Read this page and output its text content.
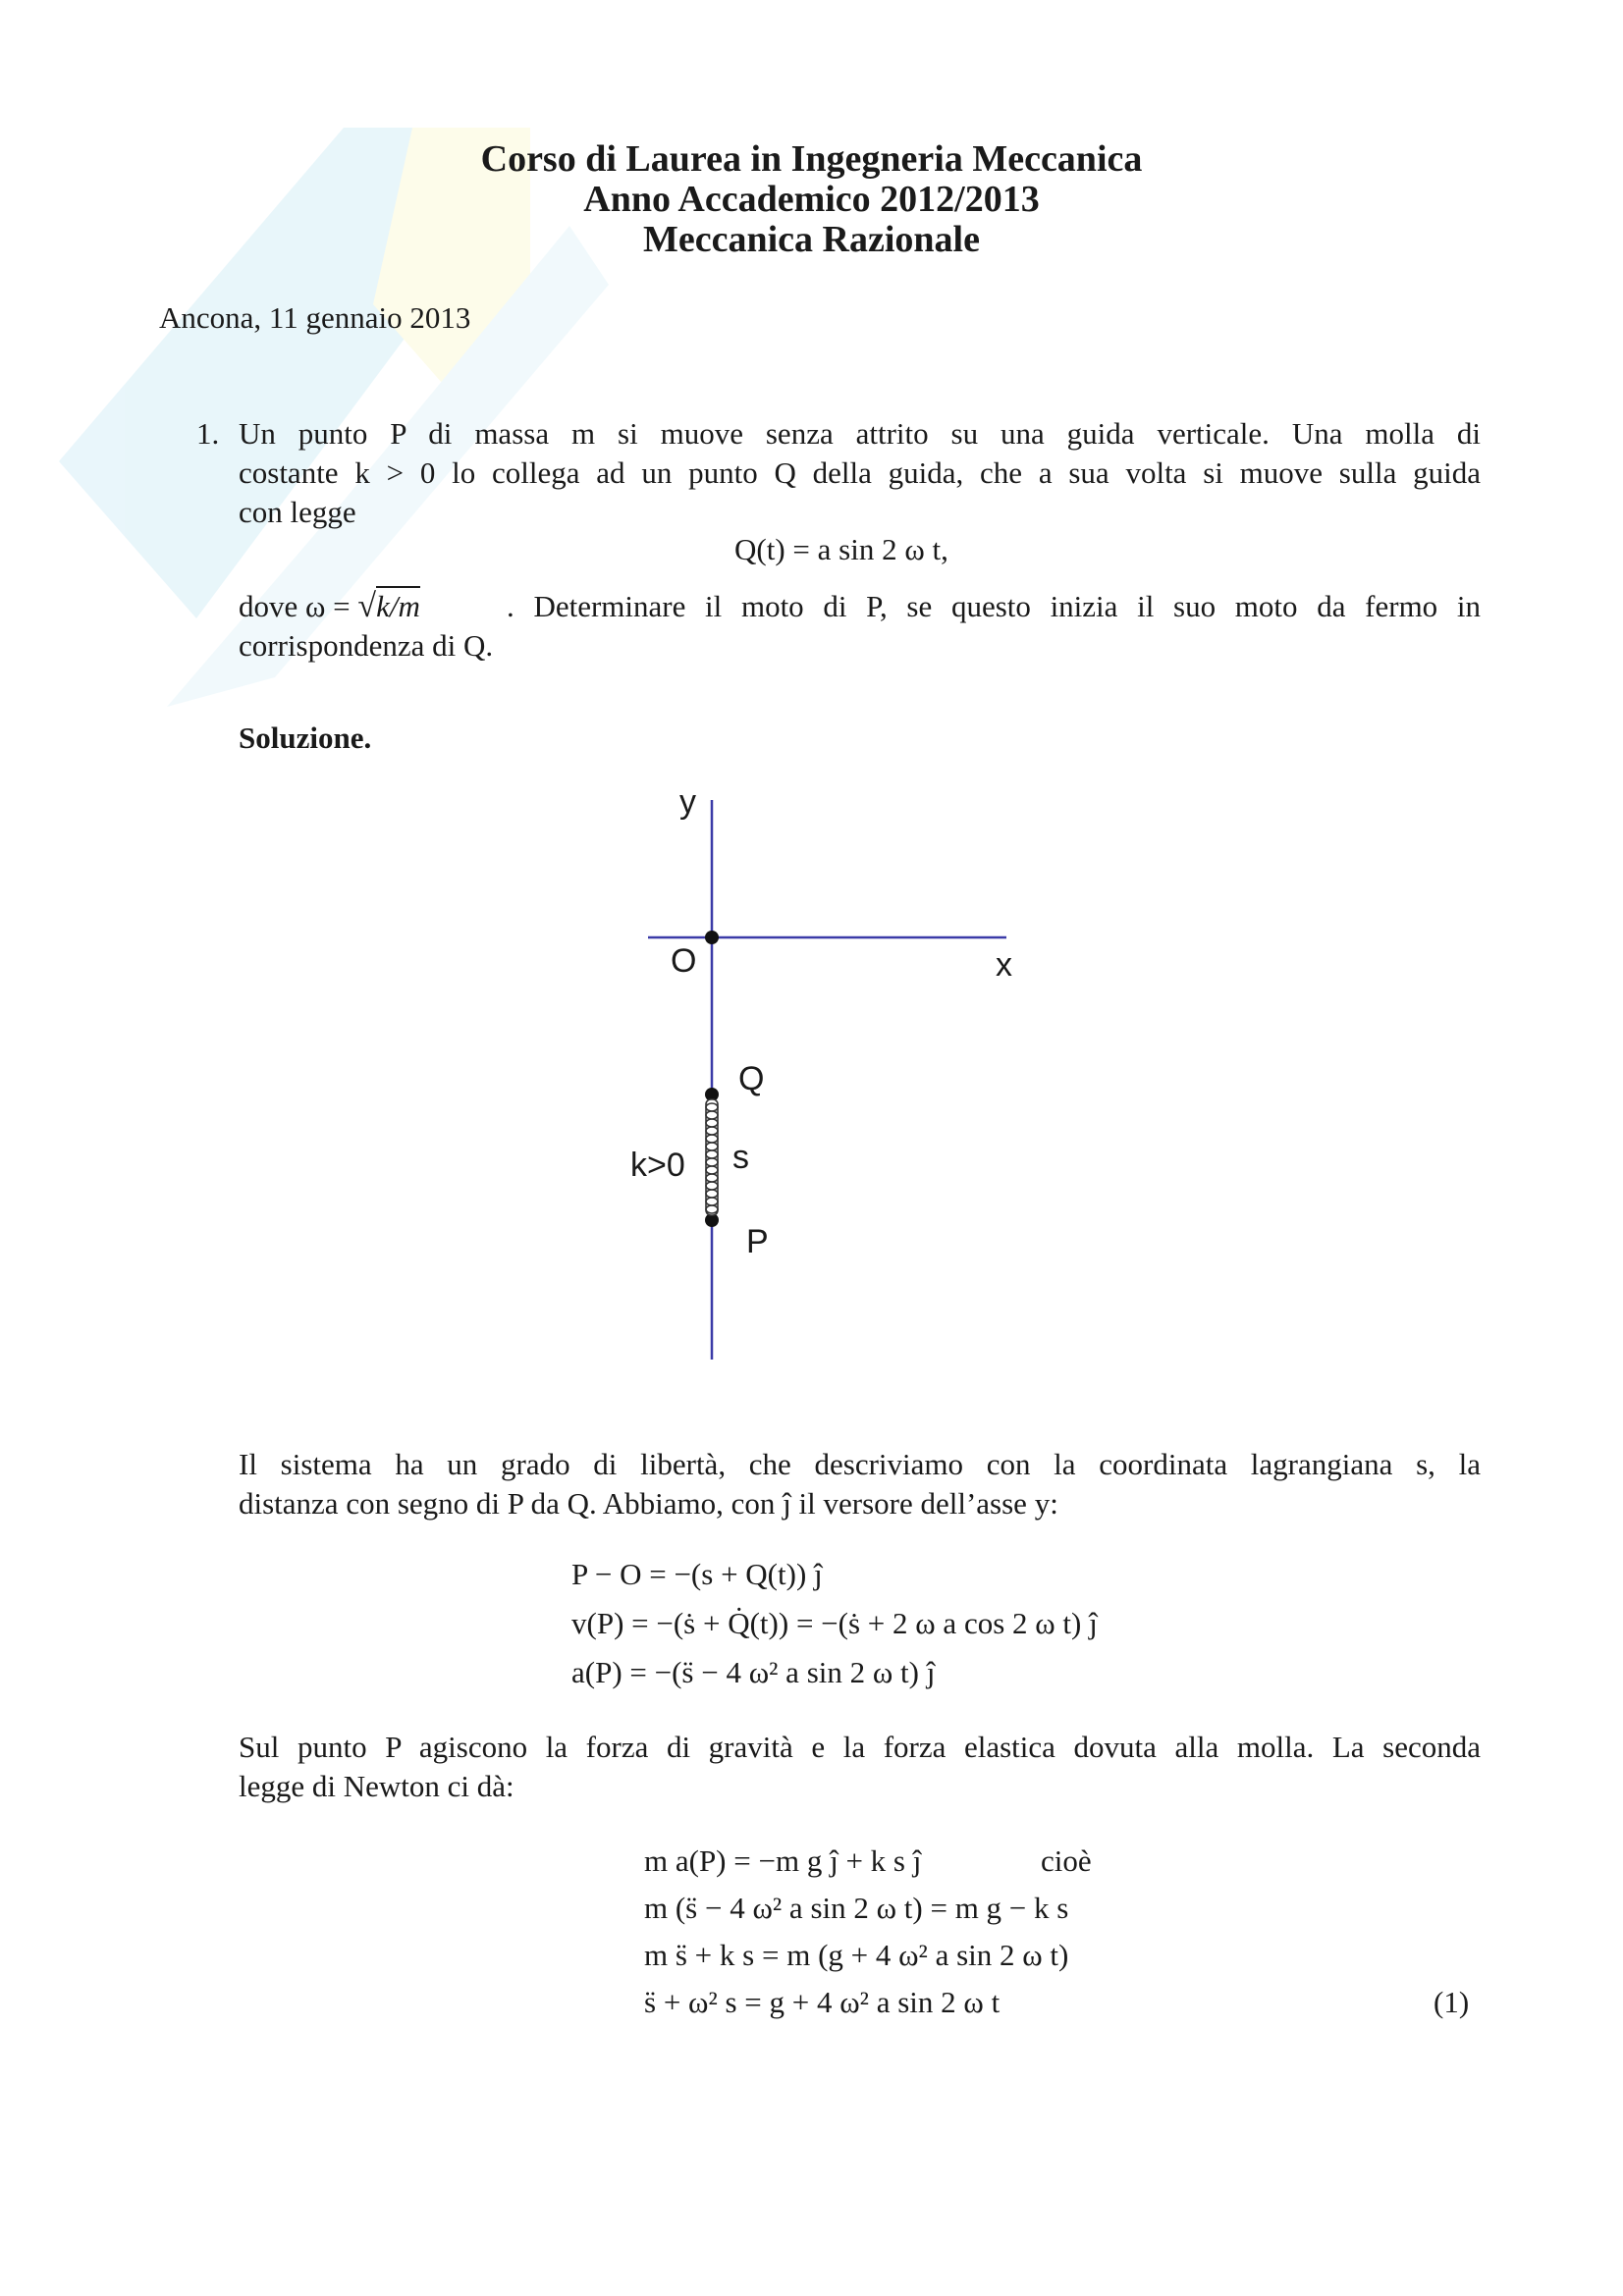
Corso di Laurea in Ingegneria Meccanica
Anno Accademico 2012/2013
Meccanica Razionale
Ancona, 11 gennaio 2013
1. Un punto P di massa m si muove senza attrito su una guida verticale. Una molla di
costante k > 0 lo collega ad un punto Q della guida, che a sua volta si muove sulla guida
con legge
Q(t) = a sin 2 ω t,
dove ω = √k/m	. Determinare il moto di P, se questo inizia il suo moto da fermo in
corrispondenza di Q.
Soluzione.
y
O	x
Q
s
k>0
P
Il sistema ha un grado di libertà, che descriviamo con la coordinata lagrangiana s, la
distanza con segno di P da Q. Abbiamo, con ĵ il versore dell’asse y:
P − O = −(s + Q(t)) ĵ
v(P) = −(ṡ + Q̇(t)) = −(ṡ + 2 ω a cos 2 ω t) ĵ
a(P) = −(s̈ − 4 ω² a sin 2 ω t) ĵ
Sul punto P agiscono la forza di gravità e la forza elastica dovuta alla molla. La seconda
legge di Newton ci dà:
m a(P) = −m g ĵ + k s ĵ	cioè
m (s̈ − 4 ω² a sin 2 ω t) = m g − k s
m s̈ + k s = m (g + 4 ω² a sin 2 ω t)
s̈ + ω² s = g + 4 ω² a sin 2 ω t	(1)
